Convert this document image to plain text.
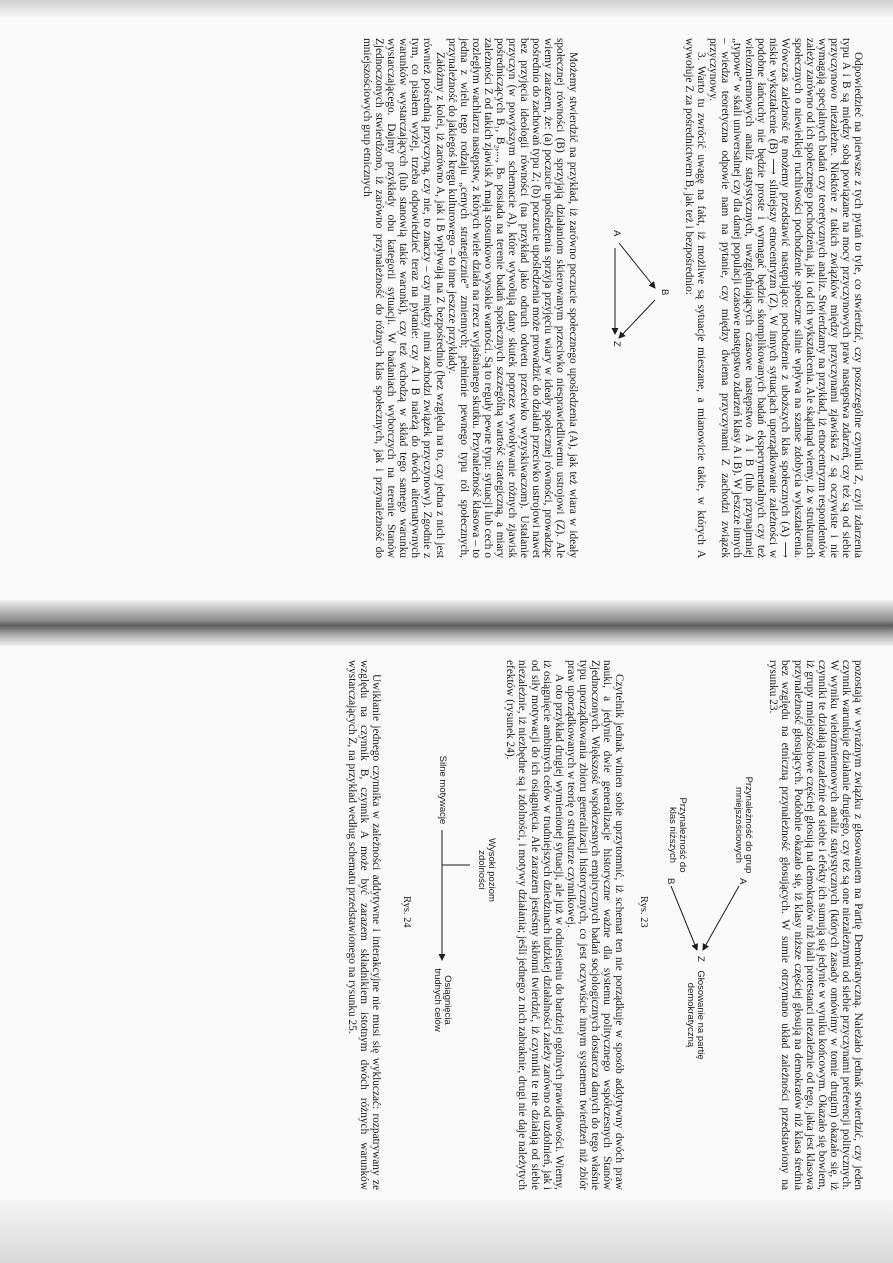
Odpowiedzieć na pierwsze z tych pytań to tyle, co stwierdzić, czy poszczególne czynniki Z, czyli zdarzenia typu A i B są między sobą powiązane na mocy przyczynowych praw następstwa zdarzeń, czy też są od siebie przyczynowo niezależne. Niektóre z takich związków między przyczynami zjawiska Z są oczywiste i nie wymagają specjalnych badań czy teoretycznych analiz. Stwierdzamy na przykład, iż etnocentryzm respondentów zależy zarówno od ich społecznego pochodzenia, jak i od ich wykształcenia. Ale skądinąd wiemy, iż w strukturach społecznych o niewielkiej ruchliwości pochodzenie społeczne silnie wpływa na szanse zdobycia wykształcenia. Wówczas zależność tę możemy przedstawić następująco: pochodzenie z uboższych klas społecznych (A) ⟶ niskie wykształcenie (B) ⟶ silniejszy etnocentryzm (Z). W innych sytuacjach uporządkowanie zależności w podobne łańcuchy nie będzie proste i wymagać będzie skomplikowanych badań eksperymentalnych czy też wielozmiennowych analiz statystycznych, uwzględniających czasowe następstwo A i B (lub przynajmniej „typowe” w skali uniwersalnej czy dla danej populacji czasowe następstwo zdarzeń klasy A i B). W jeszcze innych – wiedza teoretyczna odpowie nam na pytanie, czy między dwiema przyczynami Z zachodzi związek przyczynowy.

3. Warto tu zwrócić uwagę na fakt, iż możliwe są sytuacje mieszane, a mianowicie takie, w których A wywołuje Z za pośrednictwem B, jak też i bezpośrednio:

A
B
Z

Możemy stwierdzić na przykład, iż zarówno poczucie społecznego upośledzenia (A), jak też wiara w ideały społecznej równości (B) sprzyjają działaniom skierowanym przeciwko niesprawiedliwemu ustrojowi (Z). Ale wiemy zarazem, że: (a) poczucie upośledzenia sprzyja przyjęciu wiary w ideały społecznej równości, prowadząc pośrednio do zachowań typu Z; (b) poczucie upośledzenia może prowadzić do działań przeciwko ustrojowi nawet bez przyjęcia ideologii równości (na przykład jako odruch odwetu przeciwko wyzyskiwaczom). Ustalanie przyczyn (w powyższym schemacie A), które wywołują dany skutek poprzez wywoływanie różnych zjawisk pośredniczących B₁, B₂,..., Bₙ posiada na terenie badań społecznych szczególną wartość strategiczną, a miary zależności Z od takich zjawisk A mają stosunkowo wysokie wartości. Są to reguły pewne typu: sytuacji lub cech o rozległym wachlarzu następstw, z których wiele działa na rzecz wyjaśnianego skutku. Przynależność klasowa – to jedna z wielu tego rodzaju „cenych strategicznie” zmiennych; pełnienie pewnego typu ról społecznych, przynależność do jakiegoś kręgu kulturowego – to inne jeszcze przykłady.

Załóżmy z kolei, iż zarówno A, jak i B wpływają na Z bezpośrednio (bez względu na to, czy jedna z nich jest również pośrednią przyczyną, czy nie, to znaczy – czy między nimi zachodzi związek przyczynowy). Zgodnie z tym, co pisałem wyżej, trzeba odpowiedzieć teraz na pytanie: czy A i B należą do dwóch alternatywnych warunków wystarczających (lub stanowią takie warunki), czy też wchodzą w skład tego samego warunku wystarczającego. Dajmy przykłady obu kategorii sytuacji. W badaniach wyborczych na terenie Stanów Zjednoczonych stwierdzono, iż zarówno przynależność do różnych klas społecznych, jak i przynależność do mniejszościowych grup etnicznych

pozostają w wyraźnym związku z głosowaniem na Partię Demokratyczną. Należało jednak stwierdzić, czy jeden czynnik warunkuje działanie drugiego, czy też są one niezależnymi od siebie przyczynami preferencji politycznych. W wyniku wielozmiennowych analiz statystycznych (których zasady omówimy w tomie drugim) okazało się, iż czynniki te działają niezależnie od siebie i efekty ich sumują się jedynie w wyniku końcowym. Okazało się bowiem, iż grupy mniejszościowe częściej głosują na demokratów niż biali protestanci niezależnie od tego, jaka jest klasowa przynależność głosujących. Podobnie okazało się, iż klasy niższe częściej głosują na demokratów niż klasa średnia bez względu na etniczną przynależność głosujących. W sumie otrzymano układ zależności przedstawiony na rysunku 23.

Przynależność do grup mniejszościowych
A
Przynależność do klas niższych
B
Z
Głosowanie na partię demokratyczną
Rys. 23

Czytelnik jednak winien sobie uprzytomnić, iż schemat ten nie porządkuje w sposób addytywny dwóch praw nauki, a jedynie dwie generalizacje historyczne ważne dla systemu politycznego współczesnych Stanów Zjednoczonych. Większość współczesnych empirycznych badań socjologicznych dostarcza danych do tego właśnie typu uporządkowania zbioru generalizacji historycznych, co jest oczywiście innym systemem twierdzeń niż zbiór praw uporządkowanych w teorię o strukturze czynnikowej.

A oto przykład drugiej wymienionej sytuacji, ale już w odniesieniu do bardziej ogólnych prawidłowości. Wiemy, iż osiągnięcie ambitnych celów w trudniejszych dziedzinach ludzkiej działalności zależy zarówno od uzdolnień, jak i od siły motywacji do ich osiągnięcia. Ale zarazem jesteśmy skłonni twierdzić, iż czynniki te nie działają od siebie niezależnie, iż niezbędne są i zdolności, i motywy działania; jeśli jednego z nich zabraknie, drugi nie daje należytych efektów (rysunek 24).

Wysoki poziom zdolności
Silne motywacje
Osiągnięcia trudnych celów
Rys. 24

Uwikłanie jednego czynnika w zależności addytywne i interakcyjne nie musi się wykluczać: rozpatrywany ze względu na czynnik B, czynnik A może być zarazem składnikiem istotnym dwóch różnych warunków wystarczających Z, na przykład według schematu przedstawionego na rysunku 25.
